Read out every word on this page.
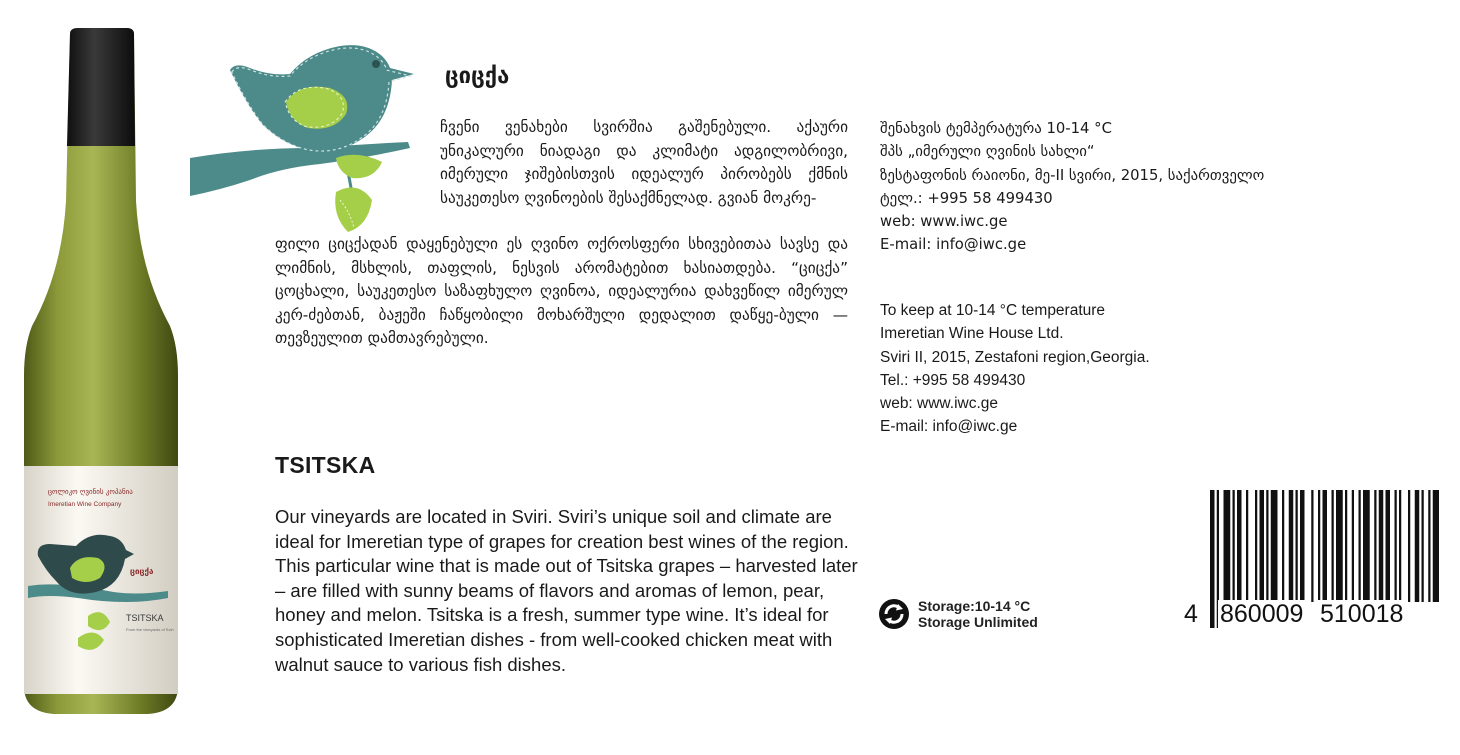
ცოლიკო ღვინის კოპანია
Imeretian Wine Company
ციცქა
TSITSKA
From the vineyards of Sviri
ციცქა

ჩვენი ვენახები სვირშია გაშენებული. აქაური უნიკალური ნიადაგი და კლიმატი ადგილობრივი, იმერული ჯიშებისთვის იდეალურ პირობებს ქმნის საუკეთესო ღვინოების შესაქმნელად. გვიან მოკრე-

ფილი ციცქადან დაყენებული ეს ღვინო ოქროსფერი სხივებითაა სავსე და ლიმნის, მსხლის, თაფლის, ნესვის არომატებით ხასიათდება. “ციცქა” ცოცხალი, საუკეთესო საზაფხულო ღვინოა, იდეალურია დახვეწილ იმერულ კერ-ძებთან, ბაჟეში ჩაწყობილი მოხარშული დედალით დაწყე-ბული — თევზეულით დამთავრებული.

TSITSKA

Our vineyards are located in Sviri. Sviri’s unique soil and climate are ideal for Imeretian type of grapes for creation best wines of the region. This particular wine that is made out of Tsitska grapes – harvested later – are filled with sunny beams of flavors and aromas of lemon, pear, honey and melon. Tsitska is a fresh, summer type wine. It’s ideal for sophisticated Imeretian dishes - from well-cooked chicken meat with walnut sauce to various fish dishes.

შენახვის ტემპერატურა 10-14 °C
შპს „იმერული ღვინის სახლი“
ზესტაფონის რაიონი, მე-II სვირი, 2015, საქართველო
ტელ.: +995 58 499430
web: www.iwc.ge
E-mail: info@iwc.ge
To keep at 10-14 °C temperature
Imeretian Wine House Ltd.
Sviri II, 2015, Zestafoni region,Georgia.
Tel.: +995 58 499430
web: www.iwc.ge
E-mail: info@iwc.ge
Storage:10-14 °C
Storage Unlimited	4 860009 510018
